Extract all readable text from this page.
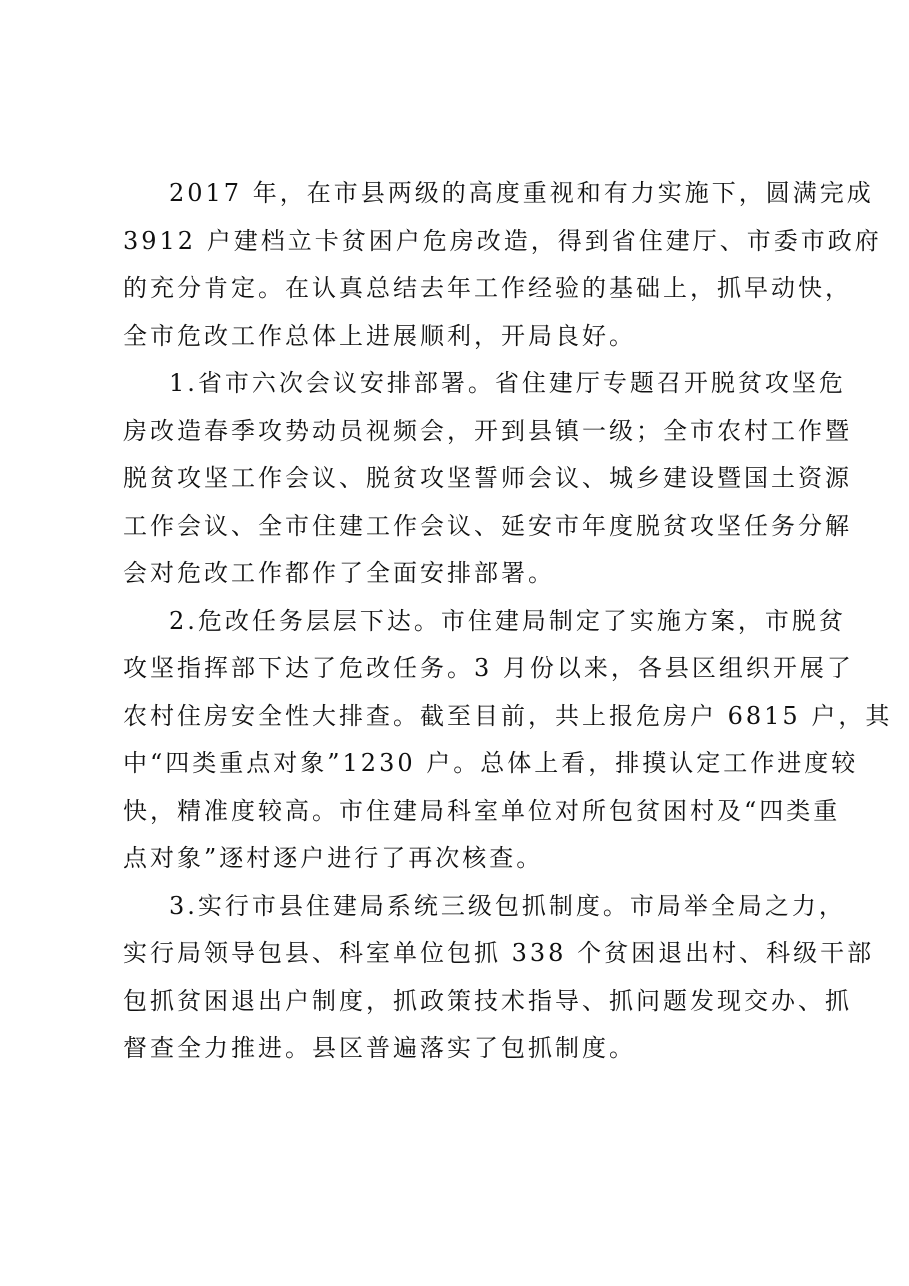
2017 年，在市县两级的高度重视和有力实施下，圆满完成
3912 户建档立卡贫困户危房改造，得到省住建厅、市委市政府
的充分肯定。在认真总结去年工作经验的基础上，抓早动快，
全市危改工作总体上进展顺利，开局良好。
1.省市六次会议安排部署。省住建厅专题召开脱贫攻坚危
房改造春季攻势动员视频会，开到县镇一级；全市农村工作暨
脱贫攻坚工作会议、脱贫攻坚誓师会议、城乡建设暨国土资源
工作会议、全市住建工作会议、延安市年度脱贫攻坚任务分解
会对危改工作都作了全面安排部署。
2.危改任务层层下达。市住建局制定了实施方案，市脱贫
攻坚指挥部下达了危改任务。3 月份以来，各县区组织开展了
农村住房安全性大排查。截至目前，共上报危房户 6815 户，其
中“四类重点对象”1230 户。总体上看，排摸认定工作进度较
快，精准度较高。市住建局科室单位对所包贫困村及“四类重
点对象”逐村逐户进行了再次核查。
3.实行市县住建局系统三级包抓制度。市局举全局之力，
实行局领导包县、科室单位包抓 338 个贫困退出村、科级干部
包抓贫困退出户制度，抓政策技术指导、抓问题发现交办、抓
督查全力推进。县区普遍落实了包抓制度。
